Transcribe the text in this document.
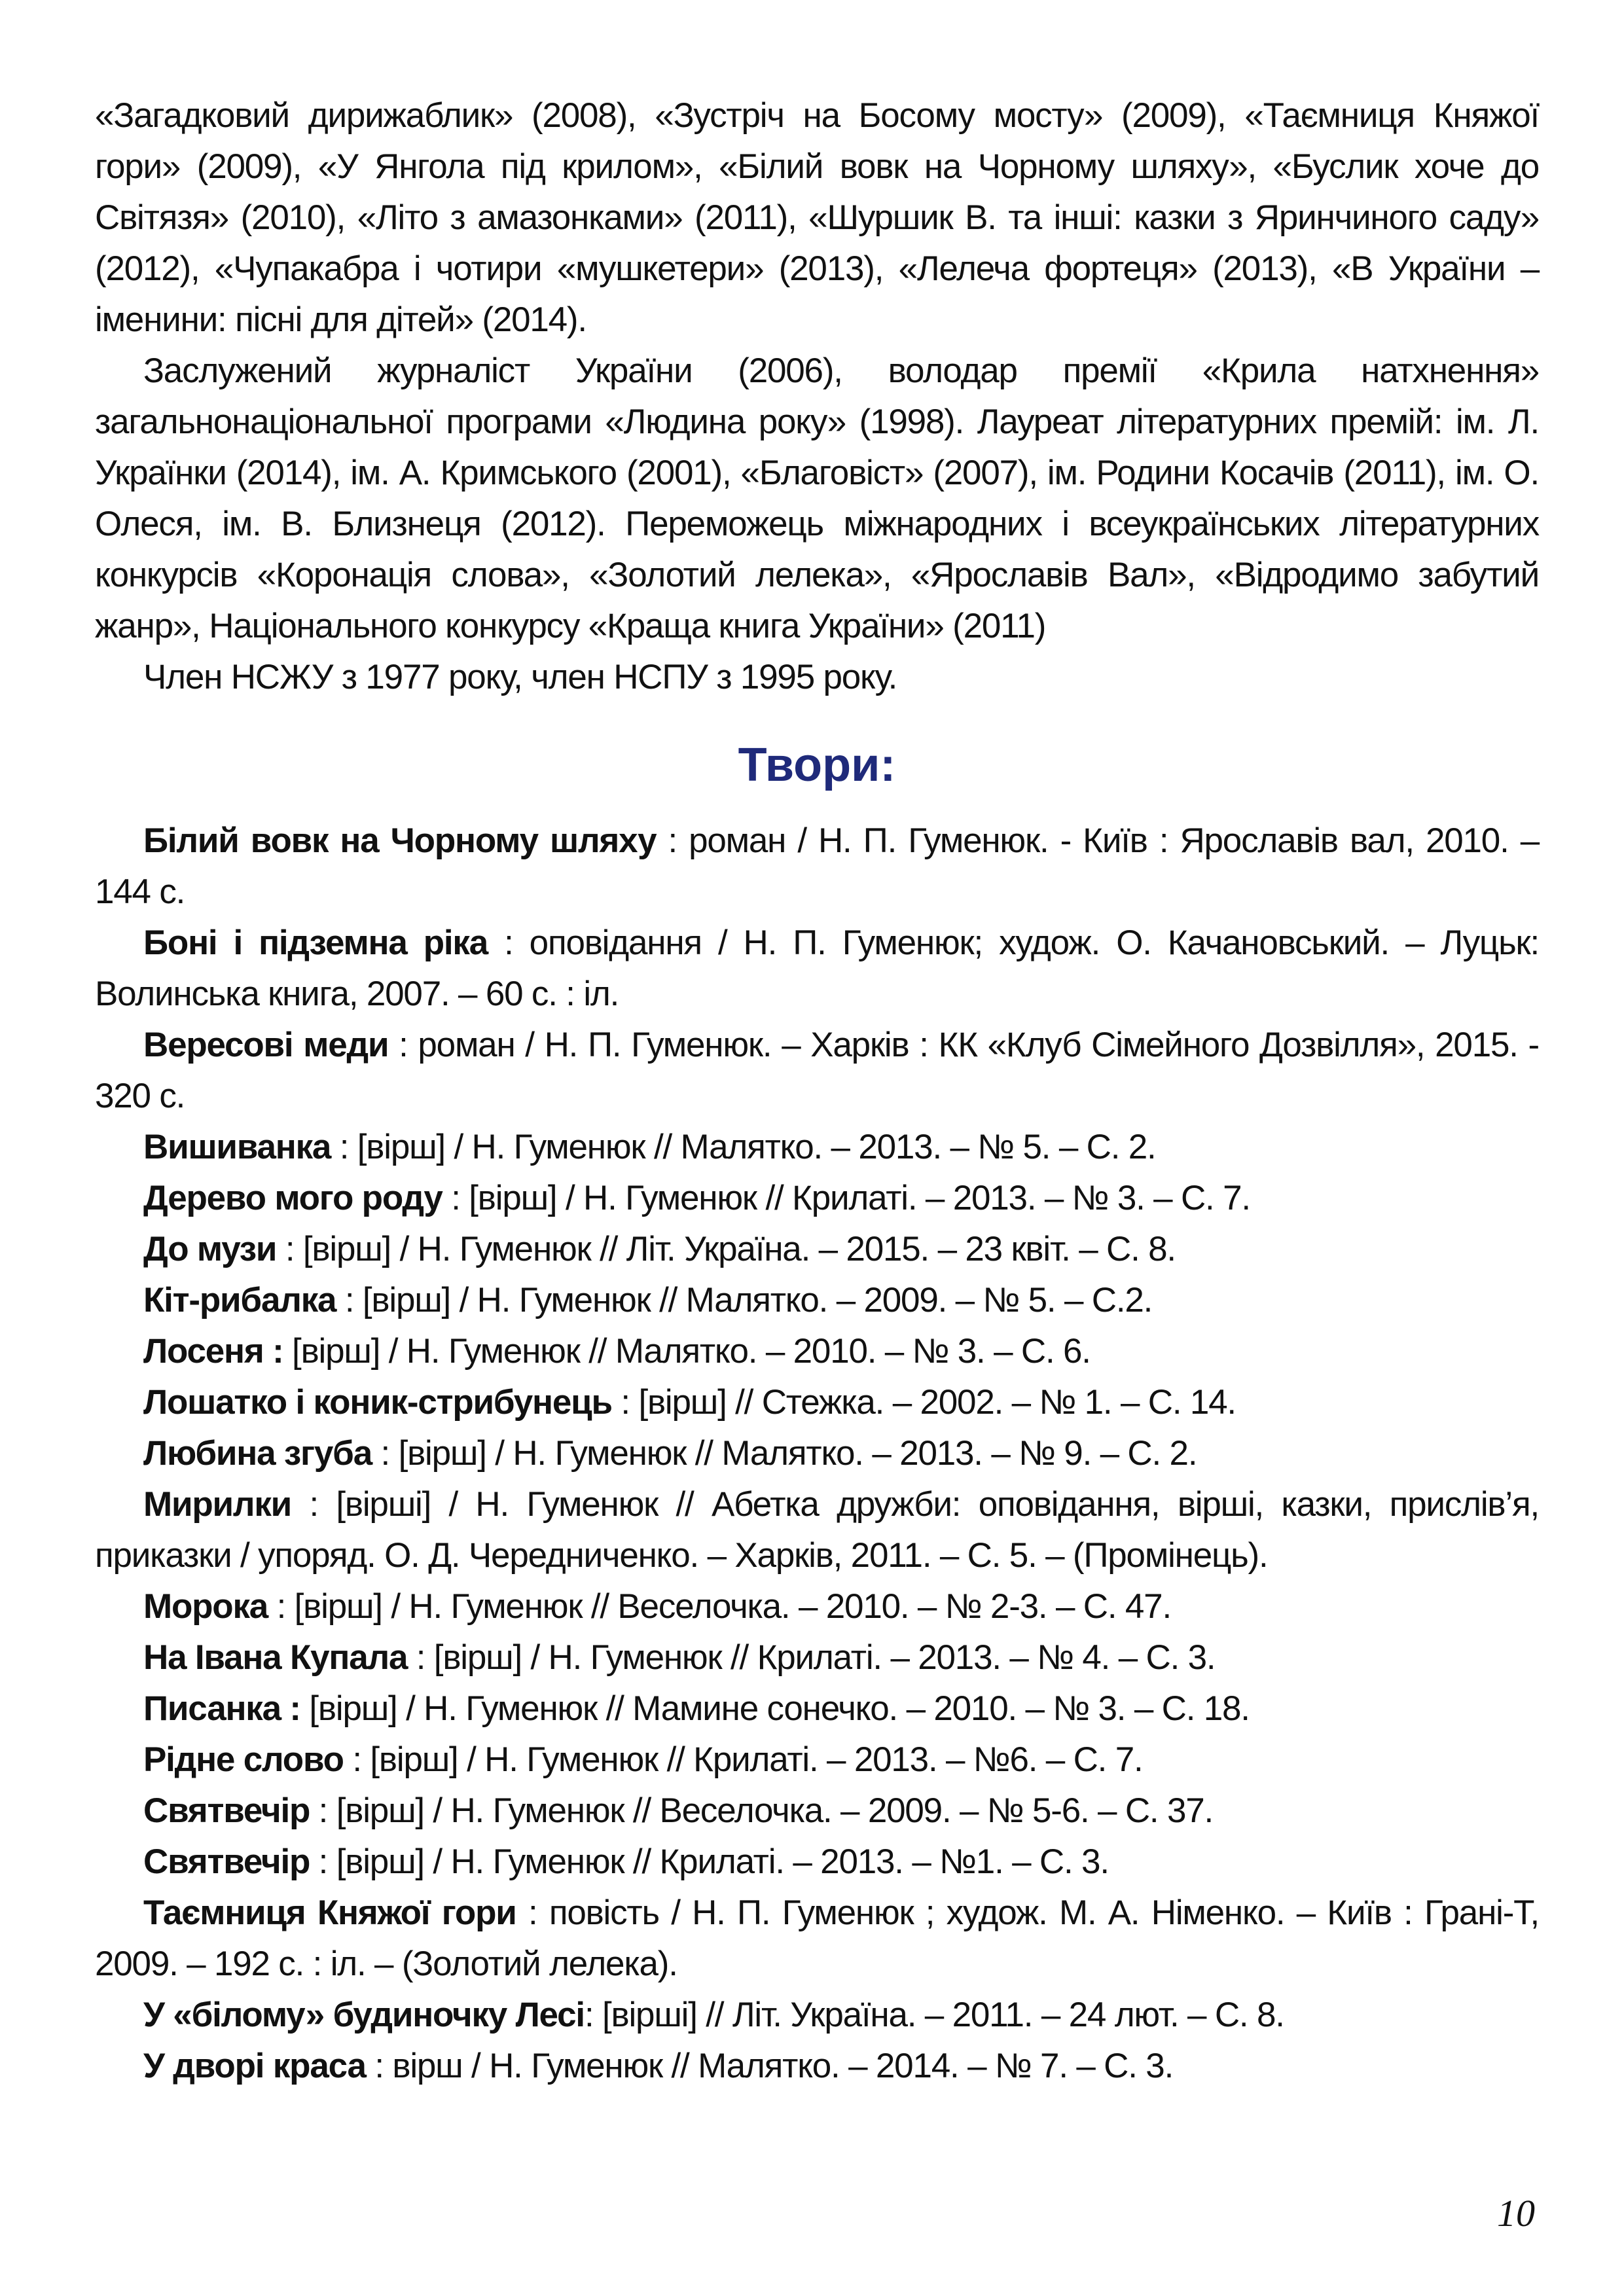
«Загадковий дирижаблик» (2008), «Зустріч на Босому мосту» (2009), «Таємниця Княжої гори» (2009), «У Янгола під крилом», «Білий вовк на Чорному шляху», «Буслик хоче до Світязя» (2010), «Літо з амазонками» (2011), «Шуршик В. та інші: казки з Яринчиного саду» (2012), «Чупакабра і чотири «мушкетери» (2013), «Лелеча фортеця» (2013), «В України – іменини: пісні для дітей» (2014).

Заслужений журналіст України (2006), володар премії «Крила натхнення» загальнонаціональної програми «Людина року» (1998). Лауреат літературних премій: ім. Л. Українки (2014), ім. А. Кримського (2001), «Благовіст» (2007), ім. Родини Косачів (2011), ім. О. Олеся, ім. В. Близнеця (2012). Переможець міжнародних і всеукраїнських літературних конкурсів «Коронація слова», «Золотий лелека», «Ярославів Вал», «Відродимо забутий жанр», Національного конкурсу «Краща книга України» (2011)

Член НСЖУ з 1977 року, член НСПУ з 1995 року.

Твори:

Білий вовк на Чорному шляху : роман / Н. П. Гуменюк. - Київ : Ярославів вал, 2010. – 144 с.

Боні і підземна ріка : оповідання / Н. П. Гуменюк; худож. О. Качановський. – Луцьк: Волинська книга, 2007. – 60 с. : іл.

Вересові меди : роман / Н. П. Гуменюк. – Харків : КК «Клуб Сімейного Дозвілля», 2015. - 320 с.

Вишиванка : [вірш] / Н. Гуменюк // Малятко. – 2013. – № 5. – С. 2.

Дерево мого роду : [вірш] / Н. Гуменюк // Крилаті. – 2013. – № 3. – С. 7.

До музи : [вірш] / Н. Гуменюк // Літ. Україна. – 2015. – 23 квіт. – С. 8.

Кіт-рибалка : [вірш] / Н. Гуменюк // Малятко. – 2009. – № 5. – С.2.

Лосеня : [вірш] / Н. Гуменюк // Малятко. – 2010. – № 3. – С. 6.

Лошатко і коник-стрибунець : [вірш] // Стежка. – 2002. – № 1. – С. 14.

Любина згуба : [вірш] / Н. Гуменюк // Малятко. – 2013. – № 9. – С. 2.

Мирилки : [вірші] / Н. Гуменюк // Абетка дружби: оповідання, вірші, казки, прислів’я, приказки / упоряд. О. Д. Чередниченко. – Харків, 2011. – С. 5. – (Промінець).

Морока : [вірш] / Н. Гуменюк // Веселочка. – 2010. – № 2-3. – С. 47.

На Івана Купала : [вірш] / Н. Гуменюк // Крилаті. – 2013. – № 4. – С. 3.

Писанка : [вірш] / Н. Гуменюк // Мамине сонечко. – 2010. – № 3. – С. 18.

Рідне слово : [вірш] / Н. Гуменюк // Крилаті. – 2013. – №6. – С. 7.

Святвечір : [вірш] / Н. Гуменюк // Веселочка. – 2009. – № 5-6. – С. 37.

Святвечір : [вірш] / Н. Гуменюк // Крилаті. – 2013. – №1. – С. 3.

Таємниця Княжої гори : повість / Н. П. Гуменюк ; худож. М. А. Німенко. – Київ : Грані-Т, 2009. – 192 с. : іл. – (Золотий лелека).

У «білому» будиночку Лесі: [вірші] // Літ. Україна. – 2011. – 24 лют. – С. 8.

У дворі краса : вірш / Н. Гуменюк // Малятко. – 2014. – № 7. – С. 3.

10
